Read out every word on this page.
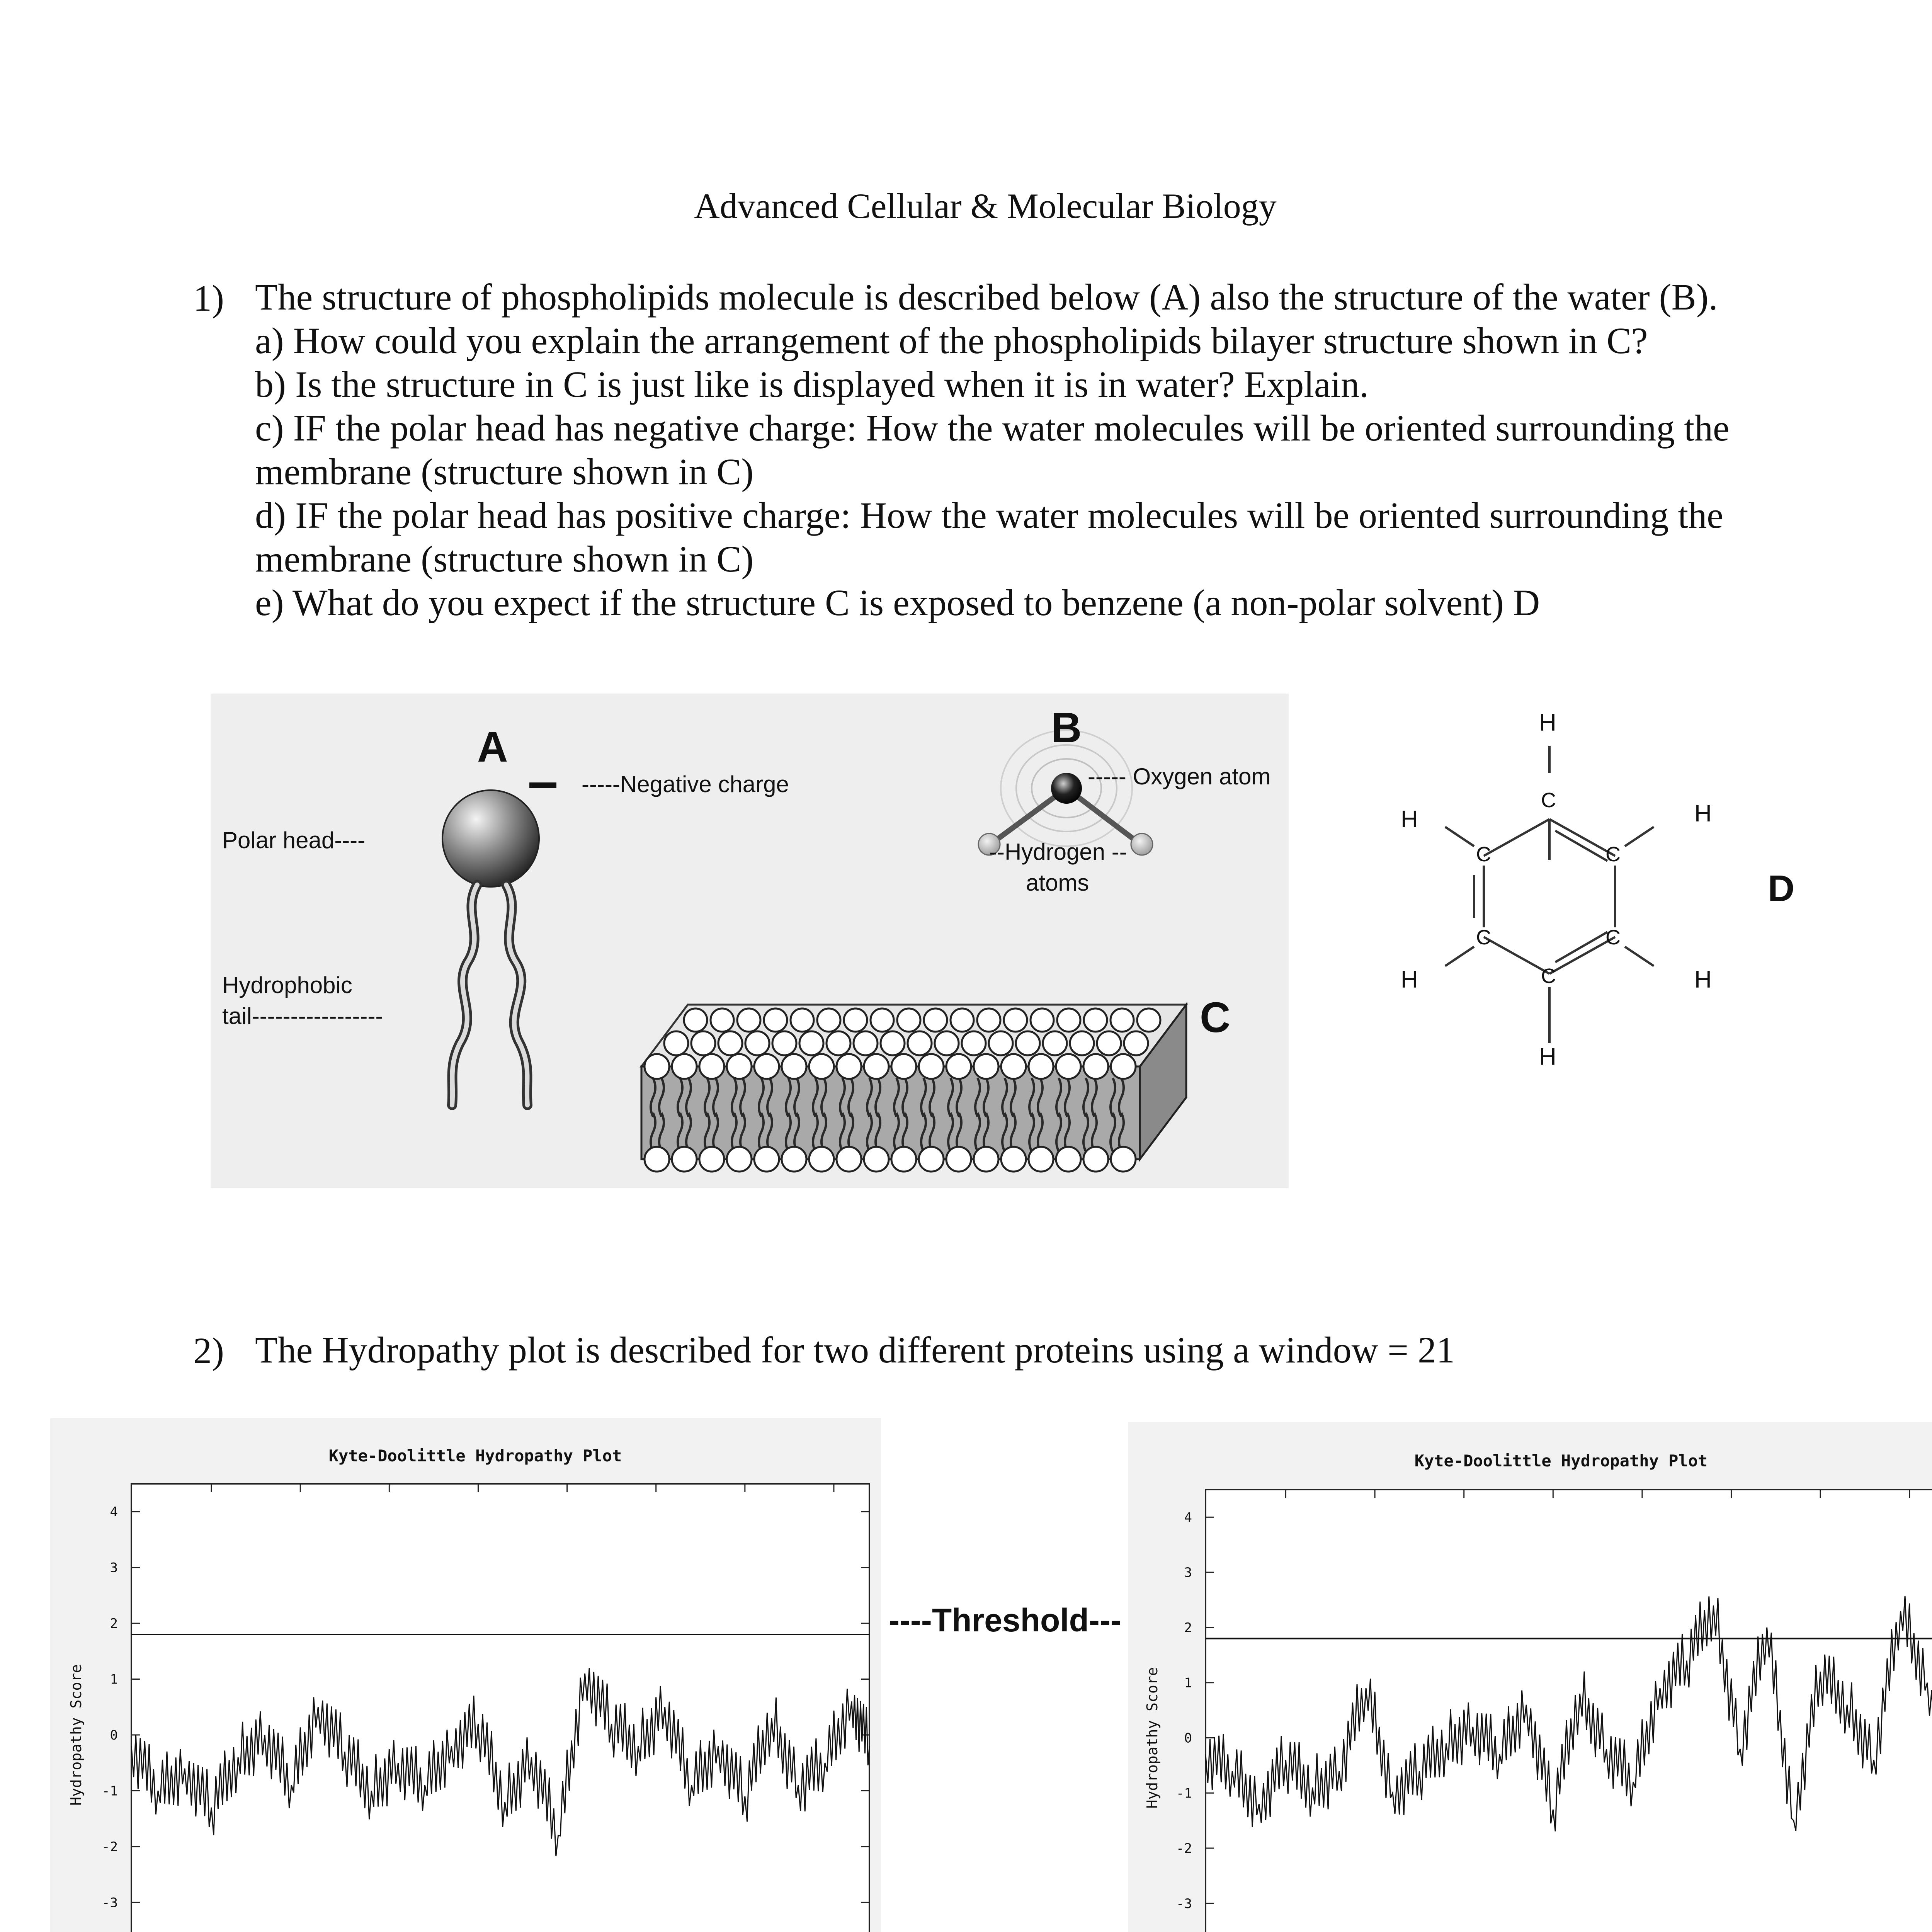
Advanced Cellular & Molecular Biology
1) The structure of phospholipids molecule is described below (A) also the structure of the water (B).
a) How could you explain the arrangement of the phospholipids bilayer structure shown in C?
b) Is the structure in C is just like is displayed when it is in water? Explain.
c) IF the polar head has negative charge: How the water molecules will be oriented surrounding the
membrane (structure shown in C)
d) IF the polar head has positive charge: How the water molecules will be oriented surrounding the
membrane (structure shown in C)
e) What do you expect if the structure C is exposed to benzene (a non-polar solvent) D
A	B
C
D
-----Negative charge	----- Oxygen atom
Polar head----
Hydrophobic
tail-----------------
--Hydrogen --
atoms
H
C
H
C	C
H
C	C
H	H
C
H
2) The Hydropathy plot is described for two different proteins using a window = 21
Kyte-Doolittle Hydropathy Plot
4
3
2
1
0
-1
-2
-3
Hydropathy Score
Kyte-Doolittle Hydropathy Plot
4
3
2
1
0
-1
-2
-3
Hydropathy Score
----Threshold---
